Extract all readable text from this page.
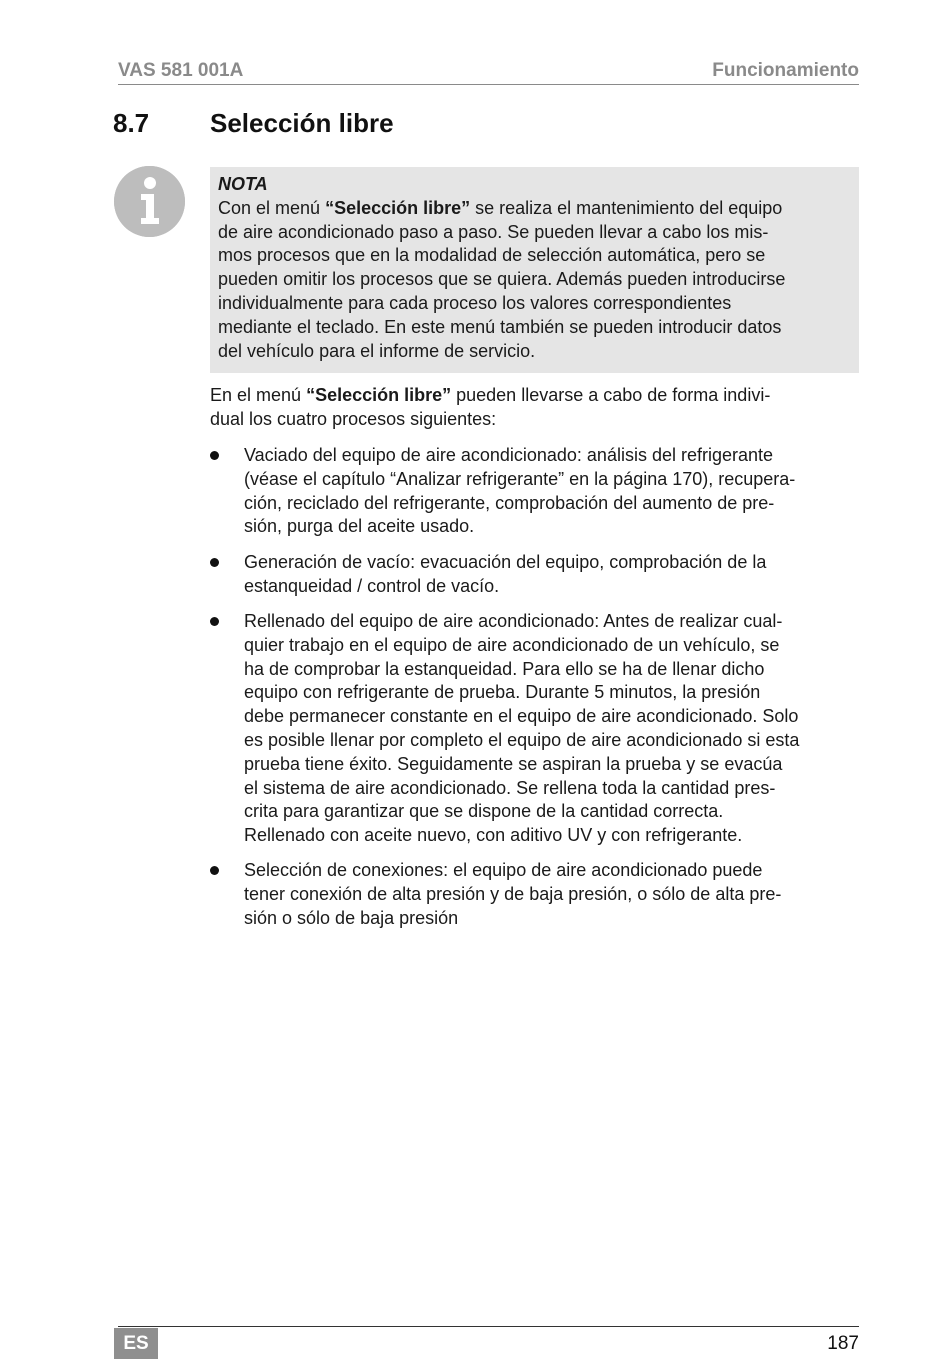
VAS 581 001A	Funcionamiento
8.7 Selección libre
NOTA
Con el menú “Selección libre” se realiza el mantenimiento del equipo
de aire acondicionado paso a paso. Se pueden llevar a cabo los mis-
mos procesos que en la modalidad de selección automática, pero se
pueden omitir los procesos que se quiera. Además pueden introducirse
individualmente para cada proceso los valores correspondientes
mediante el teclado. En este menú también se pueden introducir datos
del vehículo para el informe de servicio.
En el menú “Selección libre” pueden llevarse a cabo de forma indivi-
dual los cuatro procesos siguientes:
Vaciado del equipo de aire acondicionado: análisis del refrigerante
(véase el capítulo “Analizar refrigerante” en la página 170), recupera-
ción, reciclado del refrigerante, comprobación del aumento de pre-
sión, purga del aceite usado.
Generación de vacío: evacuación del equipo, comprobación de la
estanqueidad / control de vacío.
Rellenado del equipo de aire acondicionado: Antes de realizar cual-
quier trabajo en el equipo de aire acondicionado de un vehículo, se
ha de comprobar la estanqueidad. Para ello se ha de llenar dicho
equipo con refrigerante de prueba. Durante 5 minutos, la presión
debe permanecer constante en el equipo de aire acondicionado. Solo
es posible llenar por completo el equipo de aire acondicionado si esta
prueba tiene éxito. Seguidamente se aspiran la prueba y se evacúa
el sistema de aire acondicionado. Se rellena toda la cantidad pres-
crita para garantizar que se dispone de la cantidad correcta.
Rellenado con aceite nuevo, con aditivo UV y con refrigerante.
Selección de conexiones: el equipo de aire acondicionado puede
tener conexión de alta presión y de baja presión, o sólo de alta pre-
sión o sólo de baja presión
ES	187
